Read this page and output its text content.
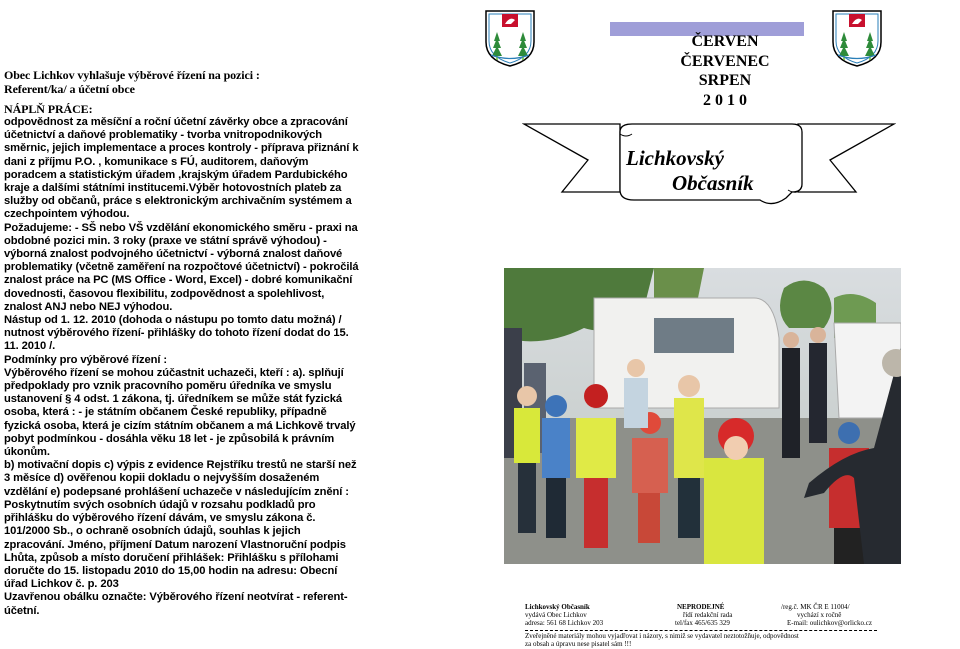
Obec Lichkov vyhlašuje výběrové řízení na pozici :
Referent/ka/ a účetní obce
NÁPLŇ PRÁCE:

odpovědnost za měsíční a roční účetní závěrky obce a zpracování
účetnictví a daňové problematiky - tvorba vnitropodnikových
směrnic, jejich implementace a proces kontroly - příprava přiznání k
dani z příjmu P.O. , komunikace s FÚ, auditorem, daňovým
poradcem a statistickým úřadem ,krajským úřadem Pardubického
kraje a dalšími státními institucemi.Výběr hotovostních plateb za
služby od občanů, práce s elektronickým archivačním systémem a
czechpointem výhodou.

Požadujeme: - SŠ nebo VŠ vzdělání ekonomického směru - praxi na
obdobné pozici min. 3 roky (praxe ve státní správě výhodou) -
výborná znalost podvojného účetnictví - výborná znalost daňové
problematiky (včetně zaměření na rozpočtové účetnictví) - pokročilá
znalost práce na PC (MS Office - Word, Excel) - dobré komunikační
dovednosti, časovou flexibilitu, zodpovědnost a spolehlivost,
znalost ANJ nebo NEJ výhodou.

Nástup od 1. 12. 2010 (dohoda o nástupu po tomto datu možná) /
nutnost výběrového řízení- přihlášky do tohoto řízení dodat do 15.
11. 2010 /.

Podmínky pro výběrové řízení :
Výběrového řízení se mohou zúčastnit uchazeči, kteří : a). splňují
předpoklady pro vznik pracovního poměru úředníka ve smyslu
ustanovení § 4 odst. 1 zákona, tj. úředníkem se může stát fyzická
osoba, která : - je státním občanem České republiky, případně
fyzická osoba, která je cizím státním občanem a má Lichkově trvalý
pobyt podmínkou - dosáhla věku 18 let - je způsobilá k právním
úkonům.

b) motivační dopis c) výpis z evidence Rejstříku trestů ne starší než
3 měsíce d) ověřenou kopii dokladu o nejvyšším dosaženém
vzdělání e) podepsané prohlášení uchazeče v následujícím znění :
Poskytnutím svých osobních údajů v rozsahu podkladů pro
přihlášku do výběrového řízení dávám, ve smyslu zákona č.
101/2000 Sb., o ochraně osobních údajů, souhlas k jejich
zpracování. Jméno, příjmení Datum narození Vlastnoruční podpis
Lhůta, způsob a místo doručení přihlášek: Přihlášku s přílohami
doručte do 15. listopadu 2010 do 15,00 hodin na adresu: Obecní
úřad Lichkov č. p. 203
Uzavřenou obálku označte: Výběrového řízení neotvírat - referent-
účetní.

ČERVEN
ČERVENEC
SRPEN
2 0 1 0
Lichkovský
Občasník
Lichkovský Občasník	NEPRODEJNÉ	/reg.č. MK ČR E 11004/
vydává Obec Lichkov	řídí redakční rada	vychází x ročně
adresa: 561 68 Lichkov 203	tel/fax 465/635 329	E-mail: oulichkov@orlicko.cz
Zveřejněné materiály mohou vyjadřovat i názory, s nimiž se vydavatel neztotožňuje, odpovědnost
za obsah a úpravu nese pisatel sám !!!
